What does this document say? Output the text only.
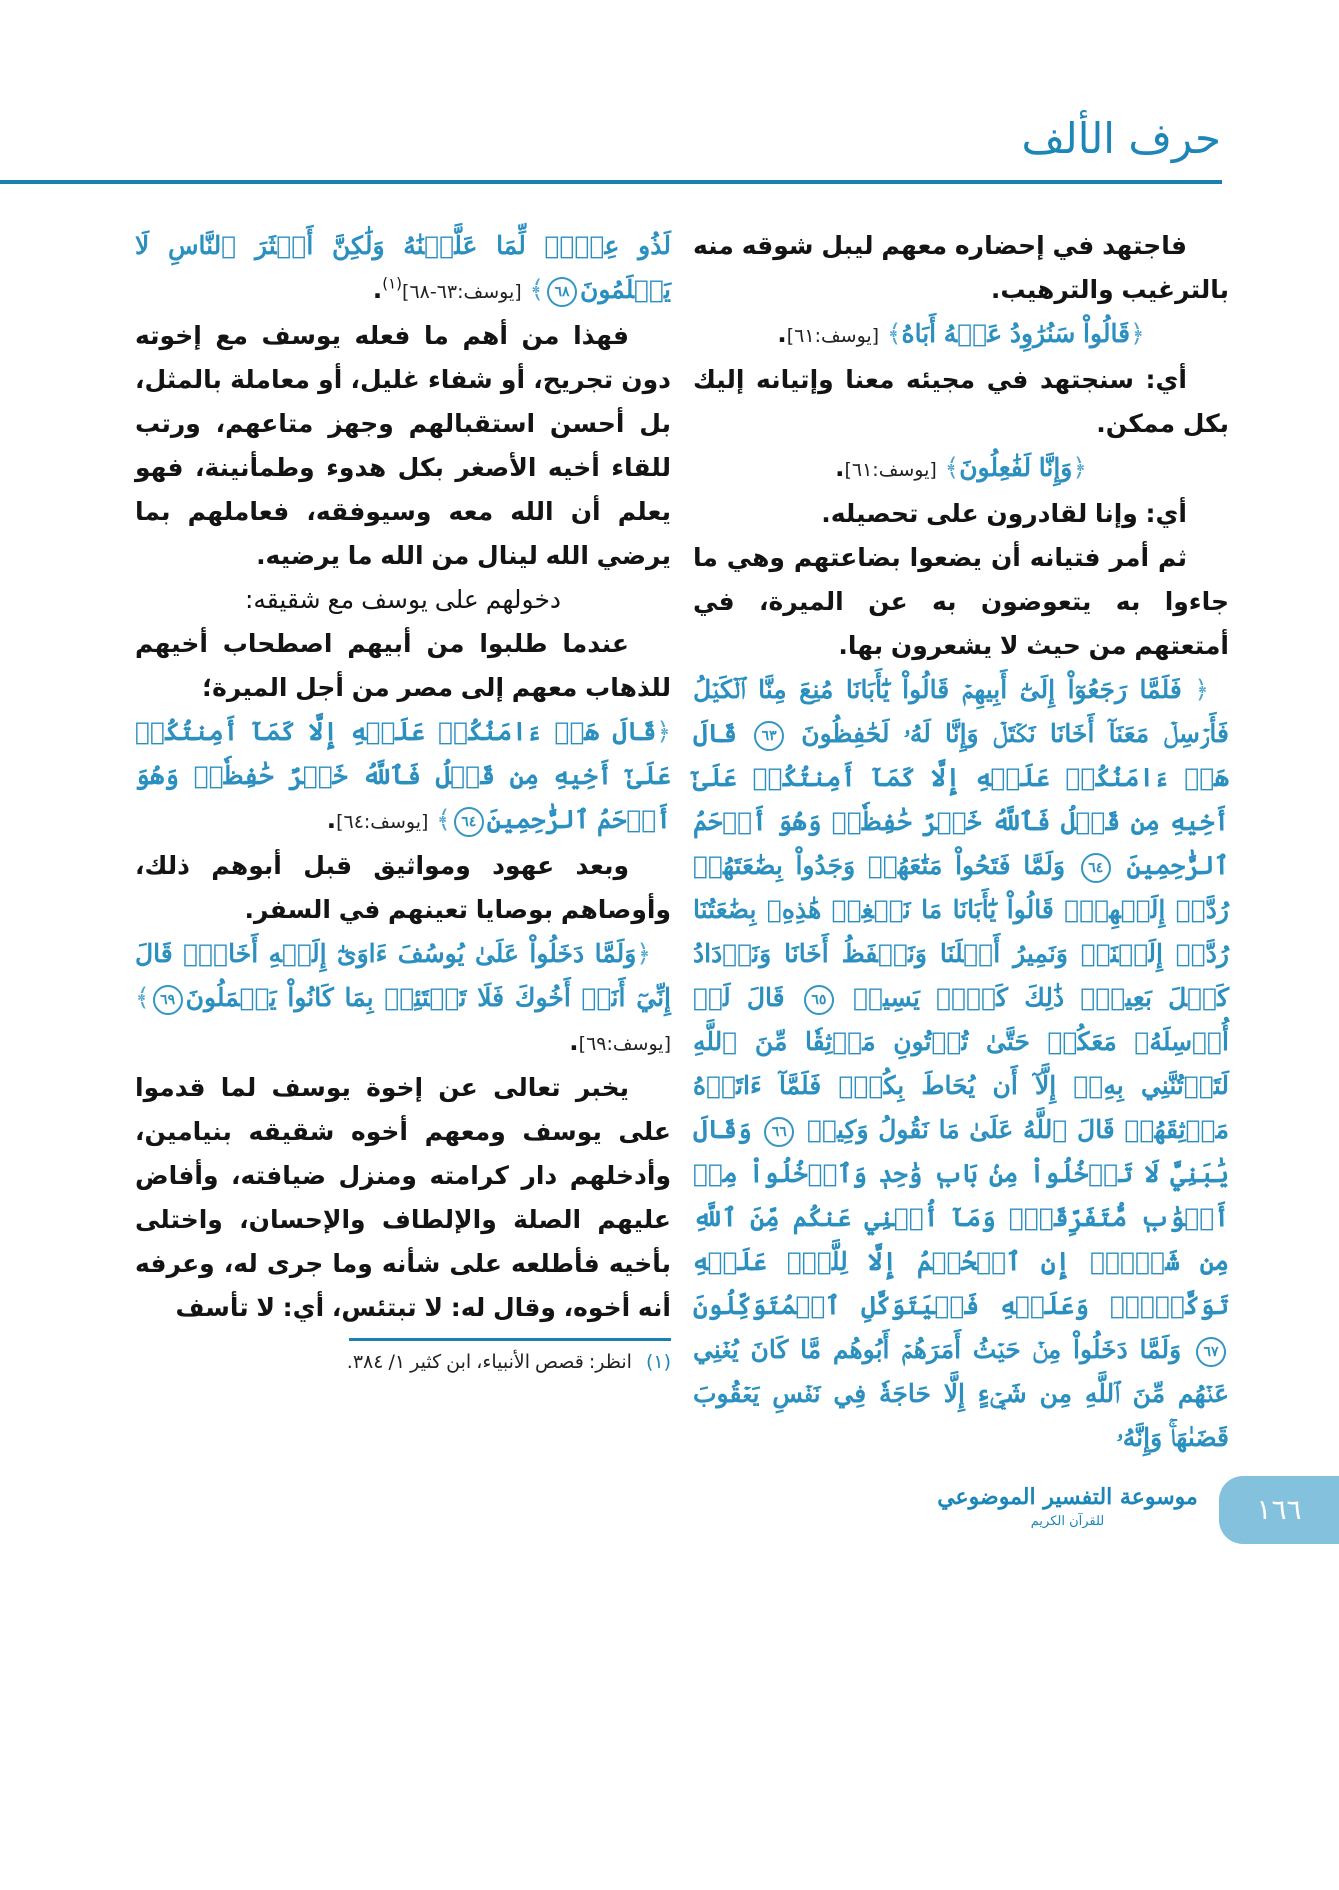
حرف الألف

فاجتهد في إحضاره معهم ليبل شوقه منه بالترغيب والترهيب.

﴿قَالُواْ سَنُرَٰوِدُ عَنۡهُ أَبَاهُ﴾ [يوسف:٦١].

أي: سنجتهد في مجيئه معنا وإتيانه إليك بكل ممكن.

﴿وَإِنَّا لَفَٰعِلُونَ﴾ [يوسف:٦١].

أي: وإنا لقادرون على تحصيله.

ثم أمر فتيانه أن يضعوا بضاعتهم وهي ما جاءوا به يتعوضون به عن الميرة، في أمتعتهم من حيث لا يشعرون بها.

﴿ فَلَمَّا رَجَعُوٓاْ إِلَىٰٓ أَبِيهِمۡ قَالُواْ يَٰٓأَبَانَا مُنِعَ مِنَّا ٱلۡكَيۡلُ فَأَرۡسِلۡ مَعَنَآ أَخَانَا نَكۡتَلۡ وَإِنَّا لَهُۥ لَحَٰفِظُونَ ٦٣ قَالَ هَلۡ ءَامَنُكُمۡ عَلَيۡهِ إِلَّا كَمَآ أَمِنتُكُمۡ عَلَىٰٓ أَخِيهِ مِن قَبۡلُ فَٱللَّهُ خَيۡرٌ حَٰفِظٗاۖ وَهُوَ أَرۡحَمُ ٱلرَّٰحِمِينَ ٦٤ وَلَمَّا فَتَحُواْ مَتَٰعَهُمۡ وَجَدُواْ بِضَٰعَتَهُمۡ رُدَّتۡ إِلَيۡهِمۡۖ قَالُواْ يَٰٓأَبَانَا مَا نَبۡغِيۖ هَٰذِهِۦ بِضَٰعَتُنَا رُدَّتۡ إِلَيۡنَاۖ وَنَمِيرُ أَهۡلَنَا وَنَحۡفَظُ أَخَانَا وَنَزۡدَادُ كَيۡلَ بَعِيرٖۖ ذَٰلِكَ كَيۡلٞ يَسِيرٞ ٦٥ قَالَ لَنۡ أُرۡسِلَهُۥ مَعَكُمۡ حَتَّىٰ تُؤۡتُونِ مَوۡثِقٗا مِّنَ ٱللَّهِ لَتَأۡتُنَّنِي بِهِۦٓ إِلَّآ أَن يُحَاطَ بِكُمۡۖ فَلَمَّآ ءَاتَوۡهُ مَوۡثِقَهُمۡ قَالَ ٱللَّهُ عَلَىٰ مَا نَقُولُ وَكِيلٞ ٦٦ وَقَالَ يَٰبَنِيَّ لَا تَدۡخُلُواْ مِنۢ بَابٖ وَٰحِدٖ وَٱدۡخُلُواْ مِنۡ أَبۡوَٰبٖ مُّتَفَرِّقَةٖۖ وَمَآ أُغۡنِي عَنكُم مِّنَ ٱللَّهِ مِن شَيۡءٍۖ إِنِ ٱلۡحُكۡمُ إِلَّا لِلَّهِۖ عَلَيۡهِ تَوَكَّلۡتُۖ وَعَلَيۡهِ فَلۡيَتَوَكَّلِ ٱلۡمُتَوَكِّلُونَ ٦٧ وَلَمَّا دَخَلُواْ مِنۡ حَيۡثُ أَمَرَهُمۡ أَبُوهُم مَّا كَانَ يُغۡنِي عَنۡهُم مِّنَ ٱللَّهِ مِن شَيۡءٍ إِلَّا حَاجَةٗ فِي نَفۡسِ يَعۡقُوبَ قَضَىٰهَاۚ وَإِنَّهُۥ

لَذُو عِلۡمٖ لِّمَا عَلَّمۡنَٰهُ وَلَٰكِنَّ أَكۡثَرَ ٱلنَّاسِ لَا يَعۡلَمُونَ٦٨﴾ [يوسف:٦٣-٦٨]$^{(١)}$.

فهذا من أهم ما فعله يوسف مع إخوته دون تجريح، أو شفاء غليل، أو معاملة بالمثل، بل أحسن استقبالهم وجهز متاعهم، ورتب للقاء أخيه الأصغر بكل هدوء وطمأنينة، فهو يعلم أن الله معه وسيوفقه، فعاملهم بما يرضي الله لينال من الله ما يرضيه.

دخولهم على يوسف مع شقيقه:

عندما طلبوا من أبيهم اصطحاب أخيهم للذهاب معهم إلى مصر من أجل الميرة؛

﴿قَالَ هَلۡ ءَامَنُكُمۡ عَلَيۡهِ إِلَّا كَمَآ أَمِنتُكُمۡ عَلَىٰٓ أَخِيهِ مِن قَبۡلُ فَٱللَّهُ خَيۡرٌ حَٰفِظٗاۖ وَهُوَ أَرۡحَمُ ٱلرَّٰحِمِينَ٦٤﴾ [يوسف:٦٤].

وبعد عهود ومواثيق قبل أبوهم ذلك، وأوصاهم بوصايا تعينهم في السفر.

﴿وَلَمَّا دَخَلُواْ عَلَىٰ يُوسُفَ ءَاوَىٰٓ إِلَيۡهِ أَخَاهُۖ قَالَ إِنِّيٓ أَنَا۠ أَخُوكَ فَلَا تَبۡتَئِسۡ بِمَا كَانُواْ يَعۡمَلُونَ٦٩﴾ [يوسف:٦٩].

يخبر تعالى عن إخوة يوسف لما قدموا على يوسف ومعهم أخوه شقيقه بنيامين، وأدخلهم دار كرامته ومنزل ضيافته، وأفاض عليهم الصلة والإلطاف والإحسان، واختلى بأخيه فأطلعه على شأنه وما جرى له، وعرفه أنه أخوه، وقال له: لا تبتئس، أي: لا تأسف

(١)انظر: قصص الأنبياء، ابن كثير ١/ ٣٨٤.
موسوعة التفسير الموضوعي
للقرآن الكريم	١٦٦
